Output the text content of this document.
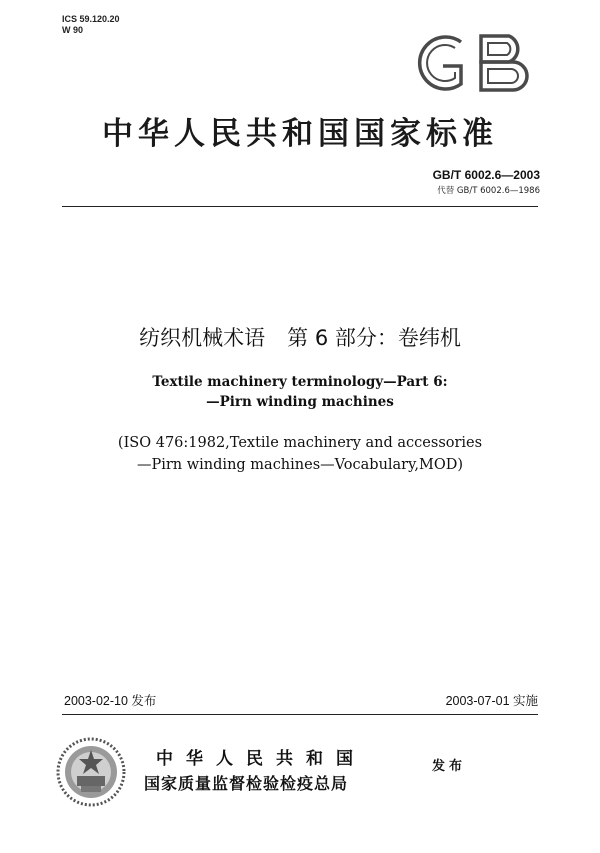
ICS 59.120.20
W 90
GB
中华人民共和国国家标准
GB/T 6002.6—2003
代替 GB/T 6002.6—1986
纺织机械术语 第 6 部分：卷纬机
Textile machinery terminology—Part 6:
—Pirn winding machines
(ISO 476:1982,Textile machinery and accessories
—Pirn winding machines—Vocabulary,MOD)
2003-02-10 发布	2003-07-01 实施
中华人民共和国
国家质量监督检验检疫总局
发布
